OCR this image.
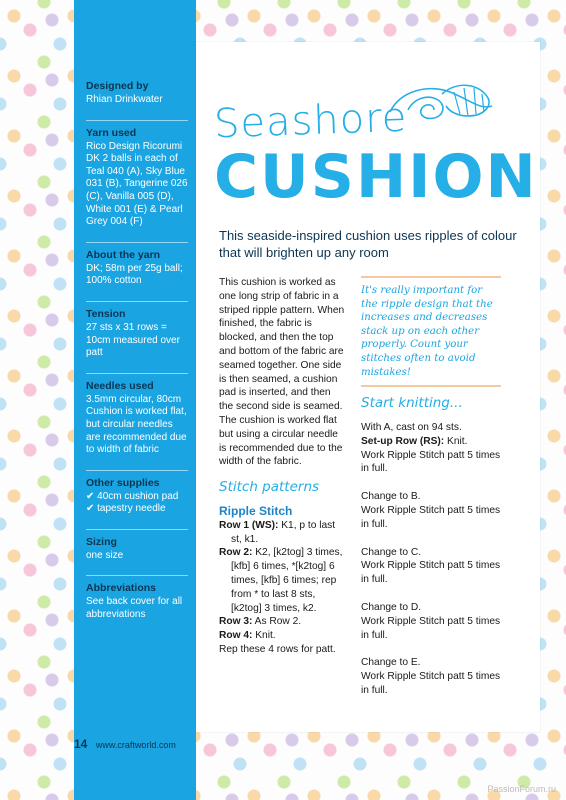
Designed by
Rhian Drinkwater
Yarn used
Rico Design Ricorumi DK 2 balls in each of Teal 040 (A), Sky Blue 031 (B), Tangerine 026 (C), Vanilla 005 (D), White 001 (E) & Pearl Grey 004 (F)
About the yarn
DK; 58m per 25g ball; 100% cotton
Tension
27 sts x 31 rows = 10cm measured over patt
Needles used
3.5mm circular, 80cm Cushion is worked flat, but circular needles are recommended due to width of fabric
Other supplies
✔ 40cm cushion pad
✔ tapestry needle
Sizing
one size
Abbreviations
See back cover for all abbreviations
Seashore
CUSHION
This seaside-inspired cushion uses ripples of colour that will brighten up any room

This cushion is worked as one long strip of fabric in a striped ripple pattern. When finished, the fabric is blocked, and then the top and bottom of the fabric are seamed together. One side is then seamed, a cushion pad is inserted, and then the second side is seamed. The cushion is worked flat but using a circular needle is recommended due to the width of the fabric.

Stitch patterns
Ripple Stitch

Row 1 (WS): K1, p to last st, k1.

Row 2: K2, [k2tog] 3 times, [kfb] 6 times, *[k2tog] 6 times, [kfb] 6 times; rep from * to last 8 sts, [k2tog] 3 times, k2.

Row 3: As Row 2.

Row 4: Knit.

Rep these 4 rows for patt.

It's really important for the ripple design that the increases and decreases stack up on each other properly. Count your stitches often to avoid mistakes!
Start knitting...

With A, cast on 94 sts.

Set-up Row (RS): Knit.

Work Ripple Stitch patt 5 times in full.

Change to B.

Work Ripple Stitch patt 5 times in full.

Change to C.

Work Ripple Stitch patt 5 times in full.

Change to D.

Work Ripple Stitch patt 5 times in full.

Change to E.

Work Ripple Stitch patt 5 times in full.

14 www.craftworld.com
PassionForum.ru
